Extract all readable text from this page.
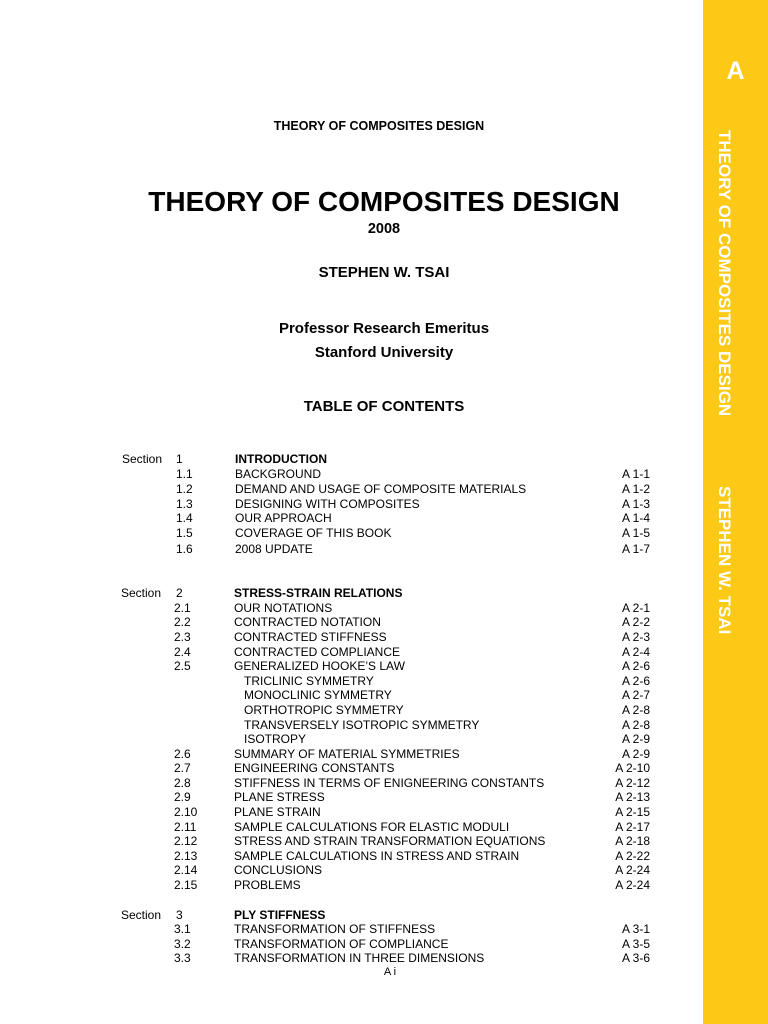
A
THEORY OF COMPOSITES DESIGN
STEPHEN W. TSAI
THEORY OF COMPOSITES DESIGN
THEORY OF COMPOSITES DESIGN
2008
STEPHEN W. TSAI
Professor Research Emeritus
Stanford University
TABLE OF CONTENTS
Section 1	INTRODUCTION
1.1	BACKGROUND	A 1-1
1.2	DEMAND AND USAGE OF COMPOSITE MATERIALS	A 1-2
1.3	DESIGNING WITH COMPOSITES	A 1-3
1.4	OUR APPROACH	A 1-4
1.5	COVERAGE OF THIS BOOK	A 1-5
1.6	2008 UPDATE	A 1-7
Section 2	STRESS-STRAIN RELATIONS
2.1	OUR NOTATIONS	A 2-1
2.2	CONTRACTED NOTATION	A 2-2
2.3	CONTRACTED STIFFNESS	A 2-3
2.4	CONTRACTED COMPLIANCE	A 2-4
2.5	GENERALIZED HOOKE’S LAW	A 2-6
TRICLINIC SYMMETRY	A 2-6
MONOCLINIC SYMMETRY	A 2-7
ORTHOTROPIC SYMMETRY	A 2-8
TRANSVERSELY ISOTROPIC SYMMETRY	A 2-8
ISOTROPY	A 2-9
2.6	SUMMARY OF MATERIAL SYMMETRIES	A 2-9
2.7	ENGINEERING CONSTANTS	A 2-10
2.8	STIFFNESS IN TERMS OF ENIGNEERING CONSTANTS	A 2-12
2.9	PLANE STRESS	A 2-13
2.10	PLANE STRAIN	A 2-15
2.11	SAMPLE CALCULATIONS FOR ELASTIC MODULI	A 2-17
2.12	STRESS AND STRAIN TRANSFORMATION EQUATIONS	A 2-18
2.13	SAMPLE CALCULATIONS IN STRESS AND STRAIN	A 2-22
2.14	CONCLUSIONS	A 2-24
2.15	PROBLEMS	A 2-24
Section 3	PLY STIFFNESS
3.1	TRANSFORMATION OF STIFFNESS	A 3-1
3.2	TRANSFORMATION OF COMPLIANCE	A 3-5
3.3	TRANSFORMATION IN THREE DIMENSIONS	A 3-6
A i
